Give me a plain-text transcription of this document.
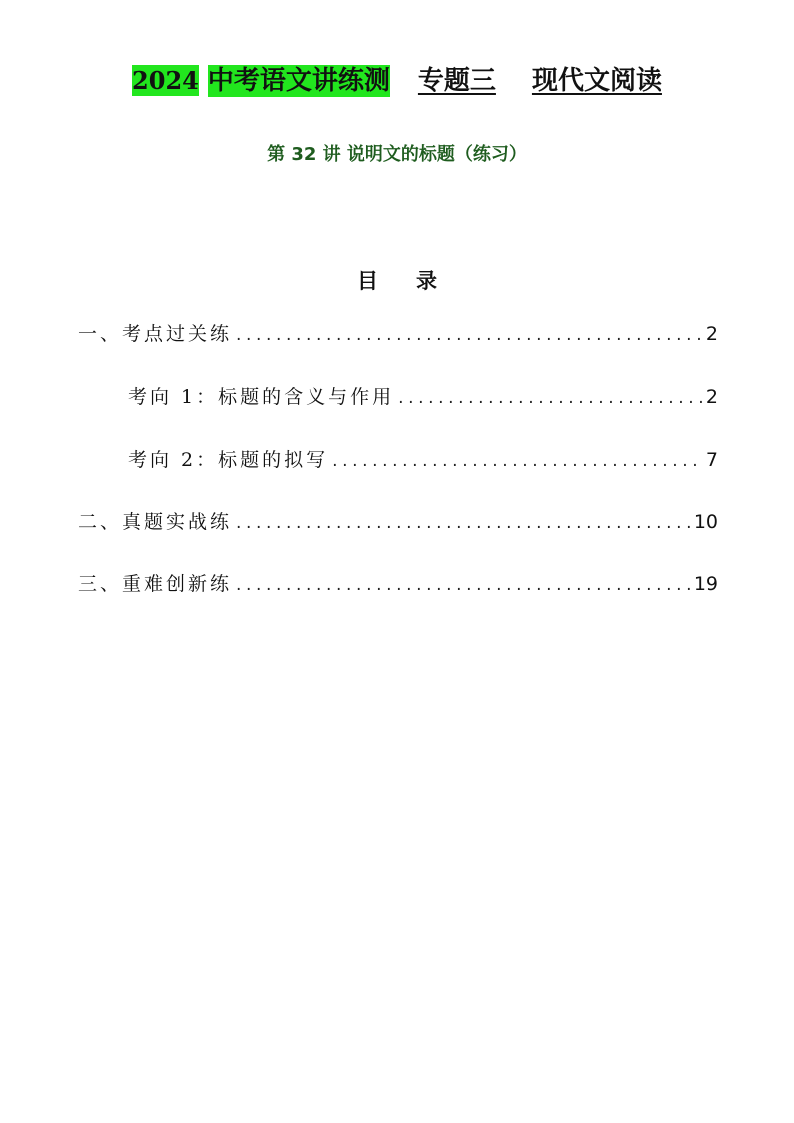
2024 中考语文讲练测 专题三 现代文阅读
第 32 讲 说明文的标题（练习）
目录
一、考点过关练 .....	2
考向 1：标题的含义与作用 .....	2
考向 2：标题的拟写 .....	7
二、真题实战练 .....	10
三、重难创新练 .....	19
